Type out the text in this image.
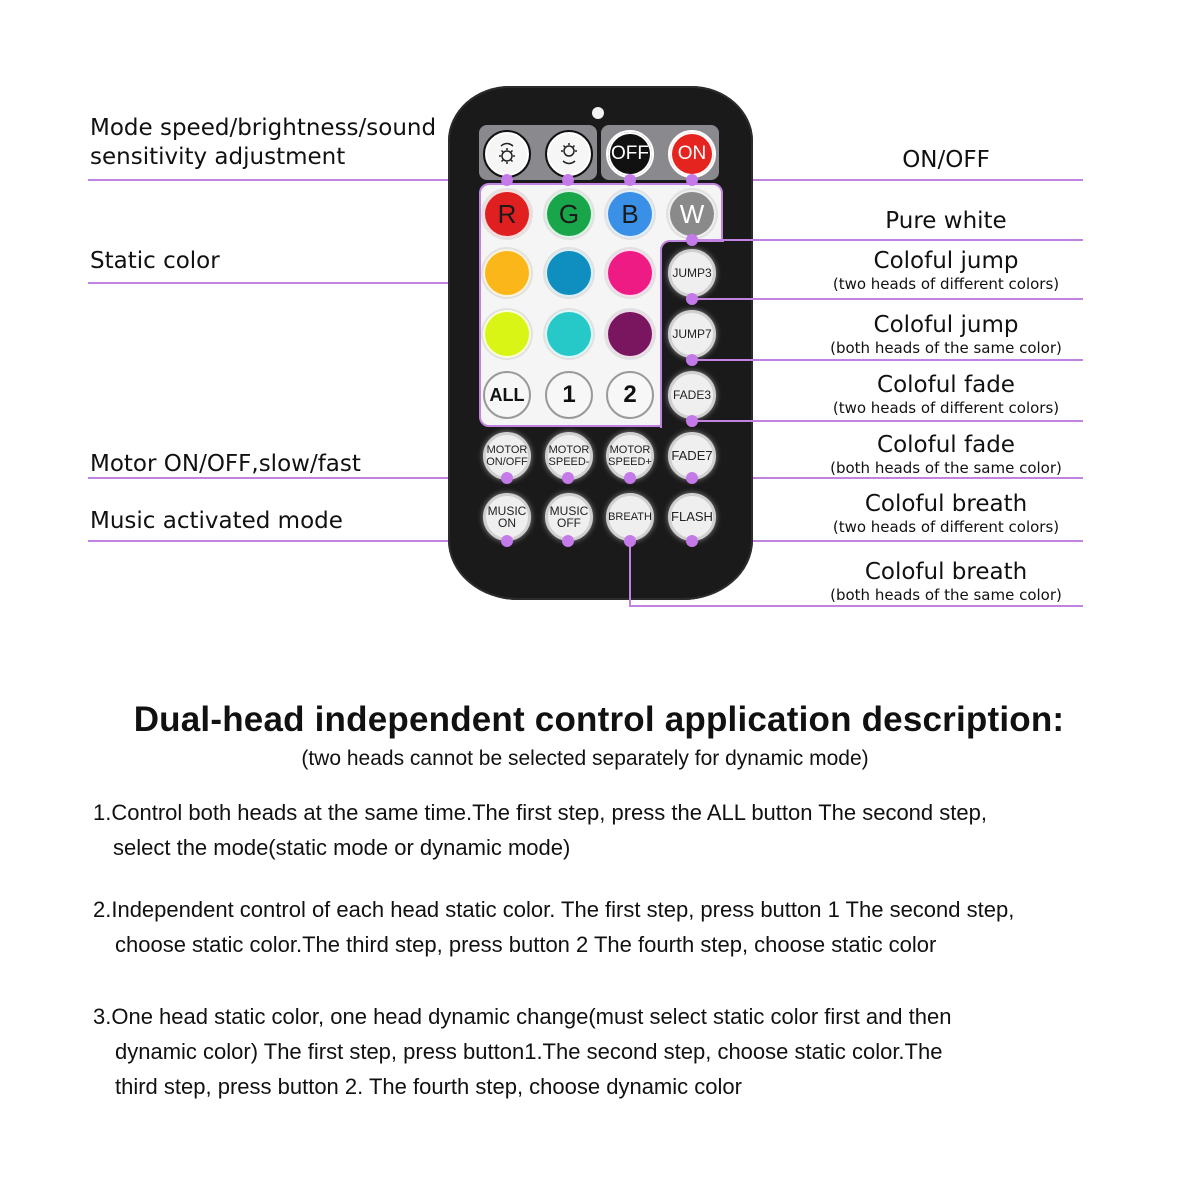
Mode speed/brightness/sound
sensitivity adjustment
Static color
Motor ON/OFF,slow/fast
Music activated mode
OFF ON
R G B W
ALL 1 2
JUMP3
JUMP7
FADE3
FADE7
MOTOR
ON/OFF
MOTOR
SPEED-
MOTOR
SPEED+
MUSIC
ON
MUSIC
OFF	BREATH FLASH
ON/OFF
Pure white
Coloful jump
(two heads of different colors)
Coloful jump
(both heads of the same color)
Coloful fade
(two heads of different colors)
Coloful fade
(both heads of the same color)
Coloful breath
(two heads of different colors)
Coloful breath
(both heads of the same color)
Dual-head independent control application description:
(two heads cannot be selected separately for dynamic mode)
1.Control both heads at the same time.The first step, press the ALL button The second step,
select the mode(static mode or dynamic mode)
2.Independent control of each head static color. The first step, press button 1 The second step,
choose static color.The third step, press button 2 The fourth step, choose static color
3.One head static color, one head dynamic change(must select static color first and then
dynamic color) The first step, press button1.The second step, choose static color.The
third step, press button 2. The fourth step, choose dynamic color
